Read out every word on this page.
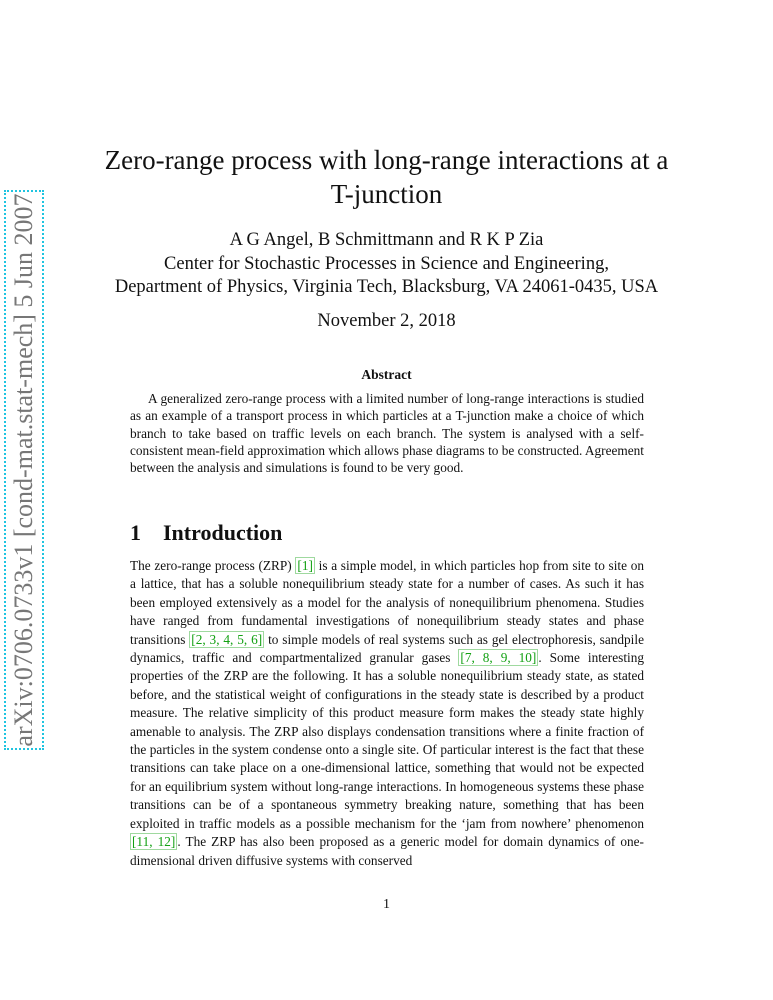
arXiv:0706.0733v1 [cond-mat.stat-mech] 5 Jun 2007
Zero-range process with long-range interactions at a T-junction
A G Angel, B Schmittmann and R K P Zia
Center for Stochastic Processes in Science and Engineering,
Department of Physics, Virginia Tech, Blacksburg, VA 24061-0435, USA
November 2, 2018
Abstract
A generalized zero-range process with a limited number of long-range interactions is studied as an example of a transport process in which particles at a T-junction make a choice of which branch to take based on traffic levels on each branch. The system is analysed with a self-consistent mean-field approximation which allows phase diagrams to be constructed. Agreement between the analysis and simulations is found to be very good.
1 Introduction
The zero-range process (ZRP) [1] is a simple model, in which particles hop from site to site on a lattice, that has a soluble nonequilibrium steady state for a number of cases. As such it has been employed extensively as a model for the analysis of nonequilibrium phenomena. Studies have ranged from fundamental investigations of nonequilibrium steady states and phase transitions [2, 3, 4, 5, 6] to simple models of real systems such as gel electrophoresis, sandpile dynamics, traffic and compartmentalized granular gases [7, 8, 9, 10] . Some interesting properties of the ZRP are the following. It has a soluble nonequilibrium steady state, as stated before, and the statistical weight of configurations in the steady state is described by a product measure. The relative simplicity of this product measure form makes the steady state highly amenable to analysis. The ZRP also displays condensation transitions where a finite fraction of the particles in the system condense onto a single site. Of particular interest is the fact that these transitions can take place on a one-dimensional lattice, something that would not be expected for an equilibrium system without long-range interactions. In homogeneous systems these phase transitions can be of a spontaneous symmetry breaking nature, something that has been exploited in traffic models as a possible mechanism for the ‘jam from nowhere’ phenomenon [11, 12] . The ZRP has also been proposed as a generic model for domain dynamics of one-dimensional driven diffusive systems with conserved
1
